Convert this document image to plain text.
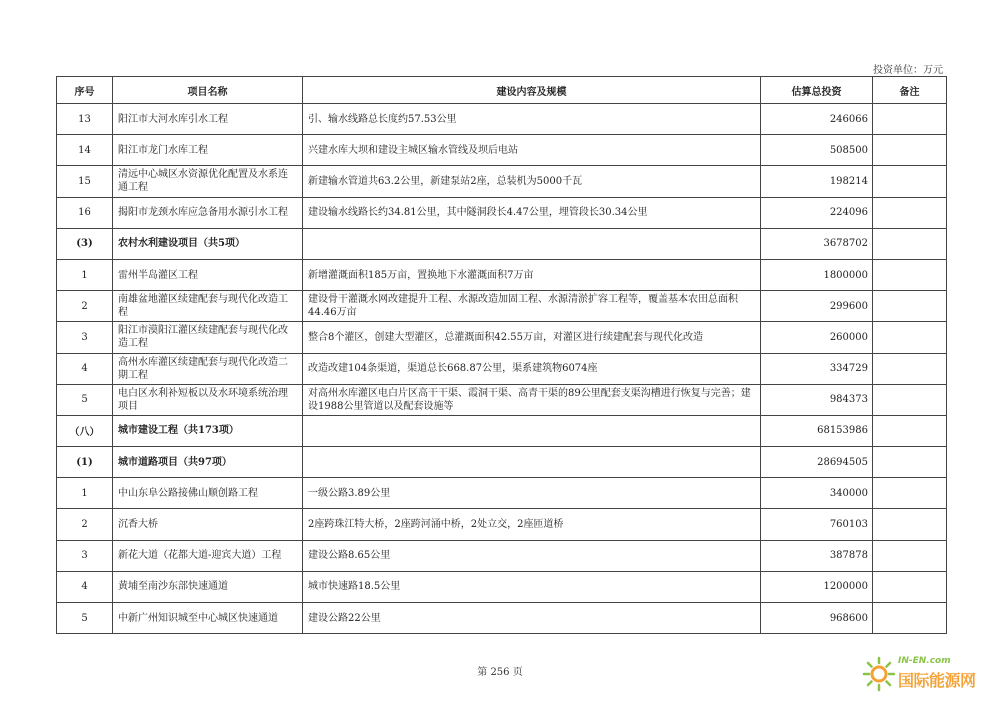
投资单位：万元
序号	项目名称	建设内容及规模	估算总投资	备注
13	阳江市大河水库引水工程	引、输水线路总长度约57.53公里	246066	
14	阳江市龙门水库工程	兴建水库大坝和建设主城区输水管线及坝后电站	508500	
15	清远中心城区水资源优化配置及水系连通工程	新建输水管道共63.2公里，新建泵站2座，总装机为5000千瓦	198214	
16	揭阳市龙颈水库应急备用水源引水工程	建设输水线路长约34.81公里，其中隧洞段长4.47公里，埋管段长30.34公里	224096	
(3)	农村水利建设项目（共5项）		3678702	
1	雷州半岛灌区工程	新增灌溉面积185万亩，置换地下水灌溉面积7万亩	1800000	
2	南雄盆地灌区续建配套与现代化改造工程	建设骨干灌溉水网改建提升工程、水源改造加固工程、水源清淤扩容工程等，覆盖基本农田总面积44.46万亩	299600	
3	阳江市漠阳江灌区续建配套与现代化改造工程	整合8个灌区，创建大型灌区，总灌溉面积42.55万亩，对灌区进行续建配套与现代化改造	260000	
4	高州水库灌区续建配套与现代化改造二期工程	改造改建104条渠道，渠道总长668.87公里，渠系建筑物6074座	334729	
5	电白区水利补短板以及水环境系统治理项目	对高州水库灌区电白片区高干干渠、霞洞干渠、高青干渠的89公里配套支渠沟槽进行恢复与完善；建设1988公里管道以及配套设施等	984373	
（八）	城市建设工程（共173项）		68153986	
(1)	城市道路项目（共97项）		28694505	
1	中山东阜公路接佛山顺创路工程	一级公路3.89公里	340000	
2	沉香大桥	2座跨珠江特大桥，2座跨河涌中桥，2处立交，2座匝道桥	760103	
3	新花大道（花都大道-迎宾大道）工程	建设公路8.65公里	387878	
4	黄埔至南沙东部快速通道	城市快速路18.5公里	1200000	
5	中新广州知识城至中心城区快速通道	建设公路22公里	968600	
第 256 页
IN-EN.com
国际能源网
